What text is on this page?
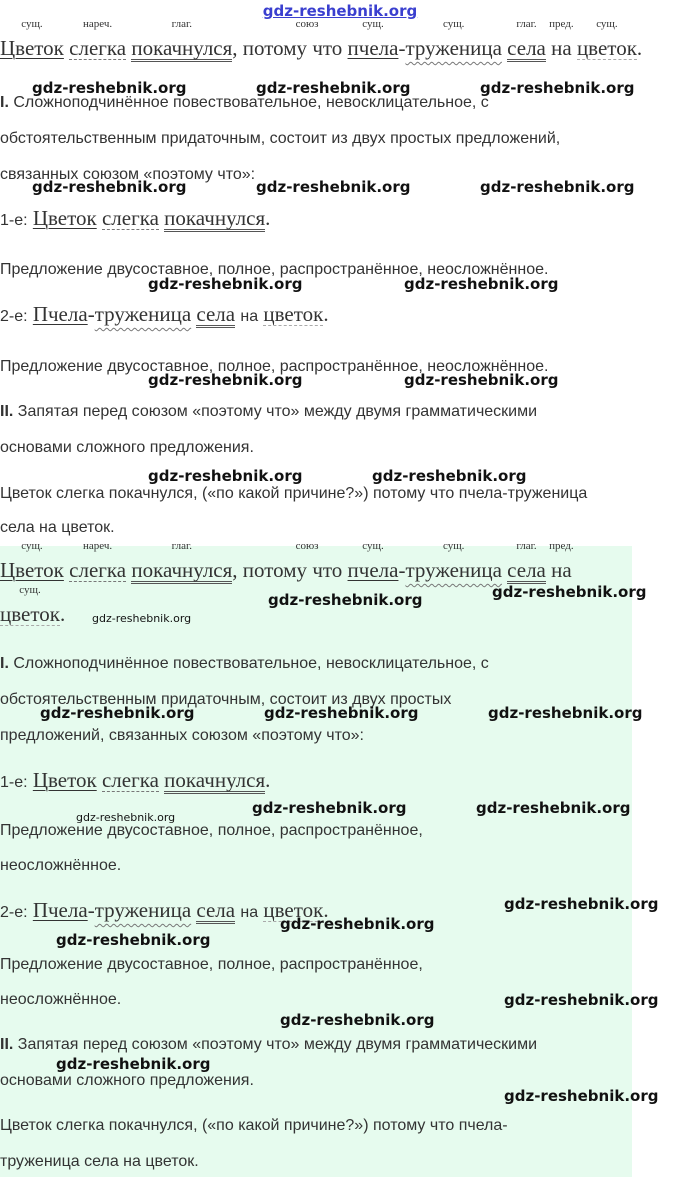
gdz-reshebnik.org
сущ.
Цветок
нареч.
слегка
глаг.
покачнулся,
союз
потому что
сущ.
пчела-
сущ.
труженица
глаг.
села
пред.
на
сущ.
цветок.
I. Сложноподчинённое повествовательное, невосклицательное, с
обстоятельственным придаточным, состоит из двух простых предложений,
связанных союзом «поэтому что»:
1-е: Цветок слегка покачнулся.
Предложение двусоставное, полное, распространённое, неосложнённое.
2-е: Пчела-труженица села на цветок.
Предложение двусоставное, полное, распространённое, неосложнённое.
II. Запятая перед союзом «поэтому что» между двумя грамматическими
основами сложного предложения.
Цветок слегка покачнулся, («по какой причине?») потому что пчела-труженица
села на цветок.
сущ.
Цветок
нареч.
слегка
глаг.
покачнулся,
союз
потому что
сущ.
пчела-
сущ.
труженица
глаг.
села
пред.
на
сущ.
цветок.
I. Сложноподчинённое повествовательное, невосклицательное, с
обстоятельственным придаточным, состоит из двух простых
предложений, связанных союзом «поэтому что»:
1-е: Цветок слегка покачнулся.
Предложение двусоставное, полное, распространённое,
неосложнённое.
2-е: Пчела-труженица села на цветок.
Предложение двусоставное, полное, распространённое,
неосложнённое.
II. Запятая перед союзом «поэтому что» между двумя грамматическими
основами сложного предложения.
Цветок слегка покачнулся, («по какой причине?») потому что пчела-
труженица села на цветок.
gdz-reshebnik.org	gdz-reshebnik.org	gdz-reshebnik.org
gdz-reshebnik.org	gdz-reshebnik.org	gdz-reshebnik.org
gdz-reshebnik.org	gdz-reshebnik.org
gdz-reshebnik.org	gdz-reshebnik.org
gdz-reshebnik.org	gdz-reshebnik.org
gdz-reshebnik.org	gdz-reshebnik.org
gdz-reshebnik.org
gdz-reshebnik.org	gdz-reshebnik.org	gdz-reshebnik.org
gdz-reshebnik.org	gdz-reshebnik.org
gdz-reshebnik.org
gdz-reshebnik.org
gdz-reshebnik.org
gdz-reshebnik.org
gdz-reshebnik.org
gdz-reshebnik.org
gdz-reshebnik.org
gdz-reshebnik.org
